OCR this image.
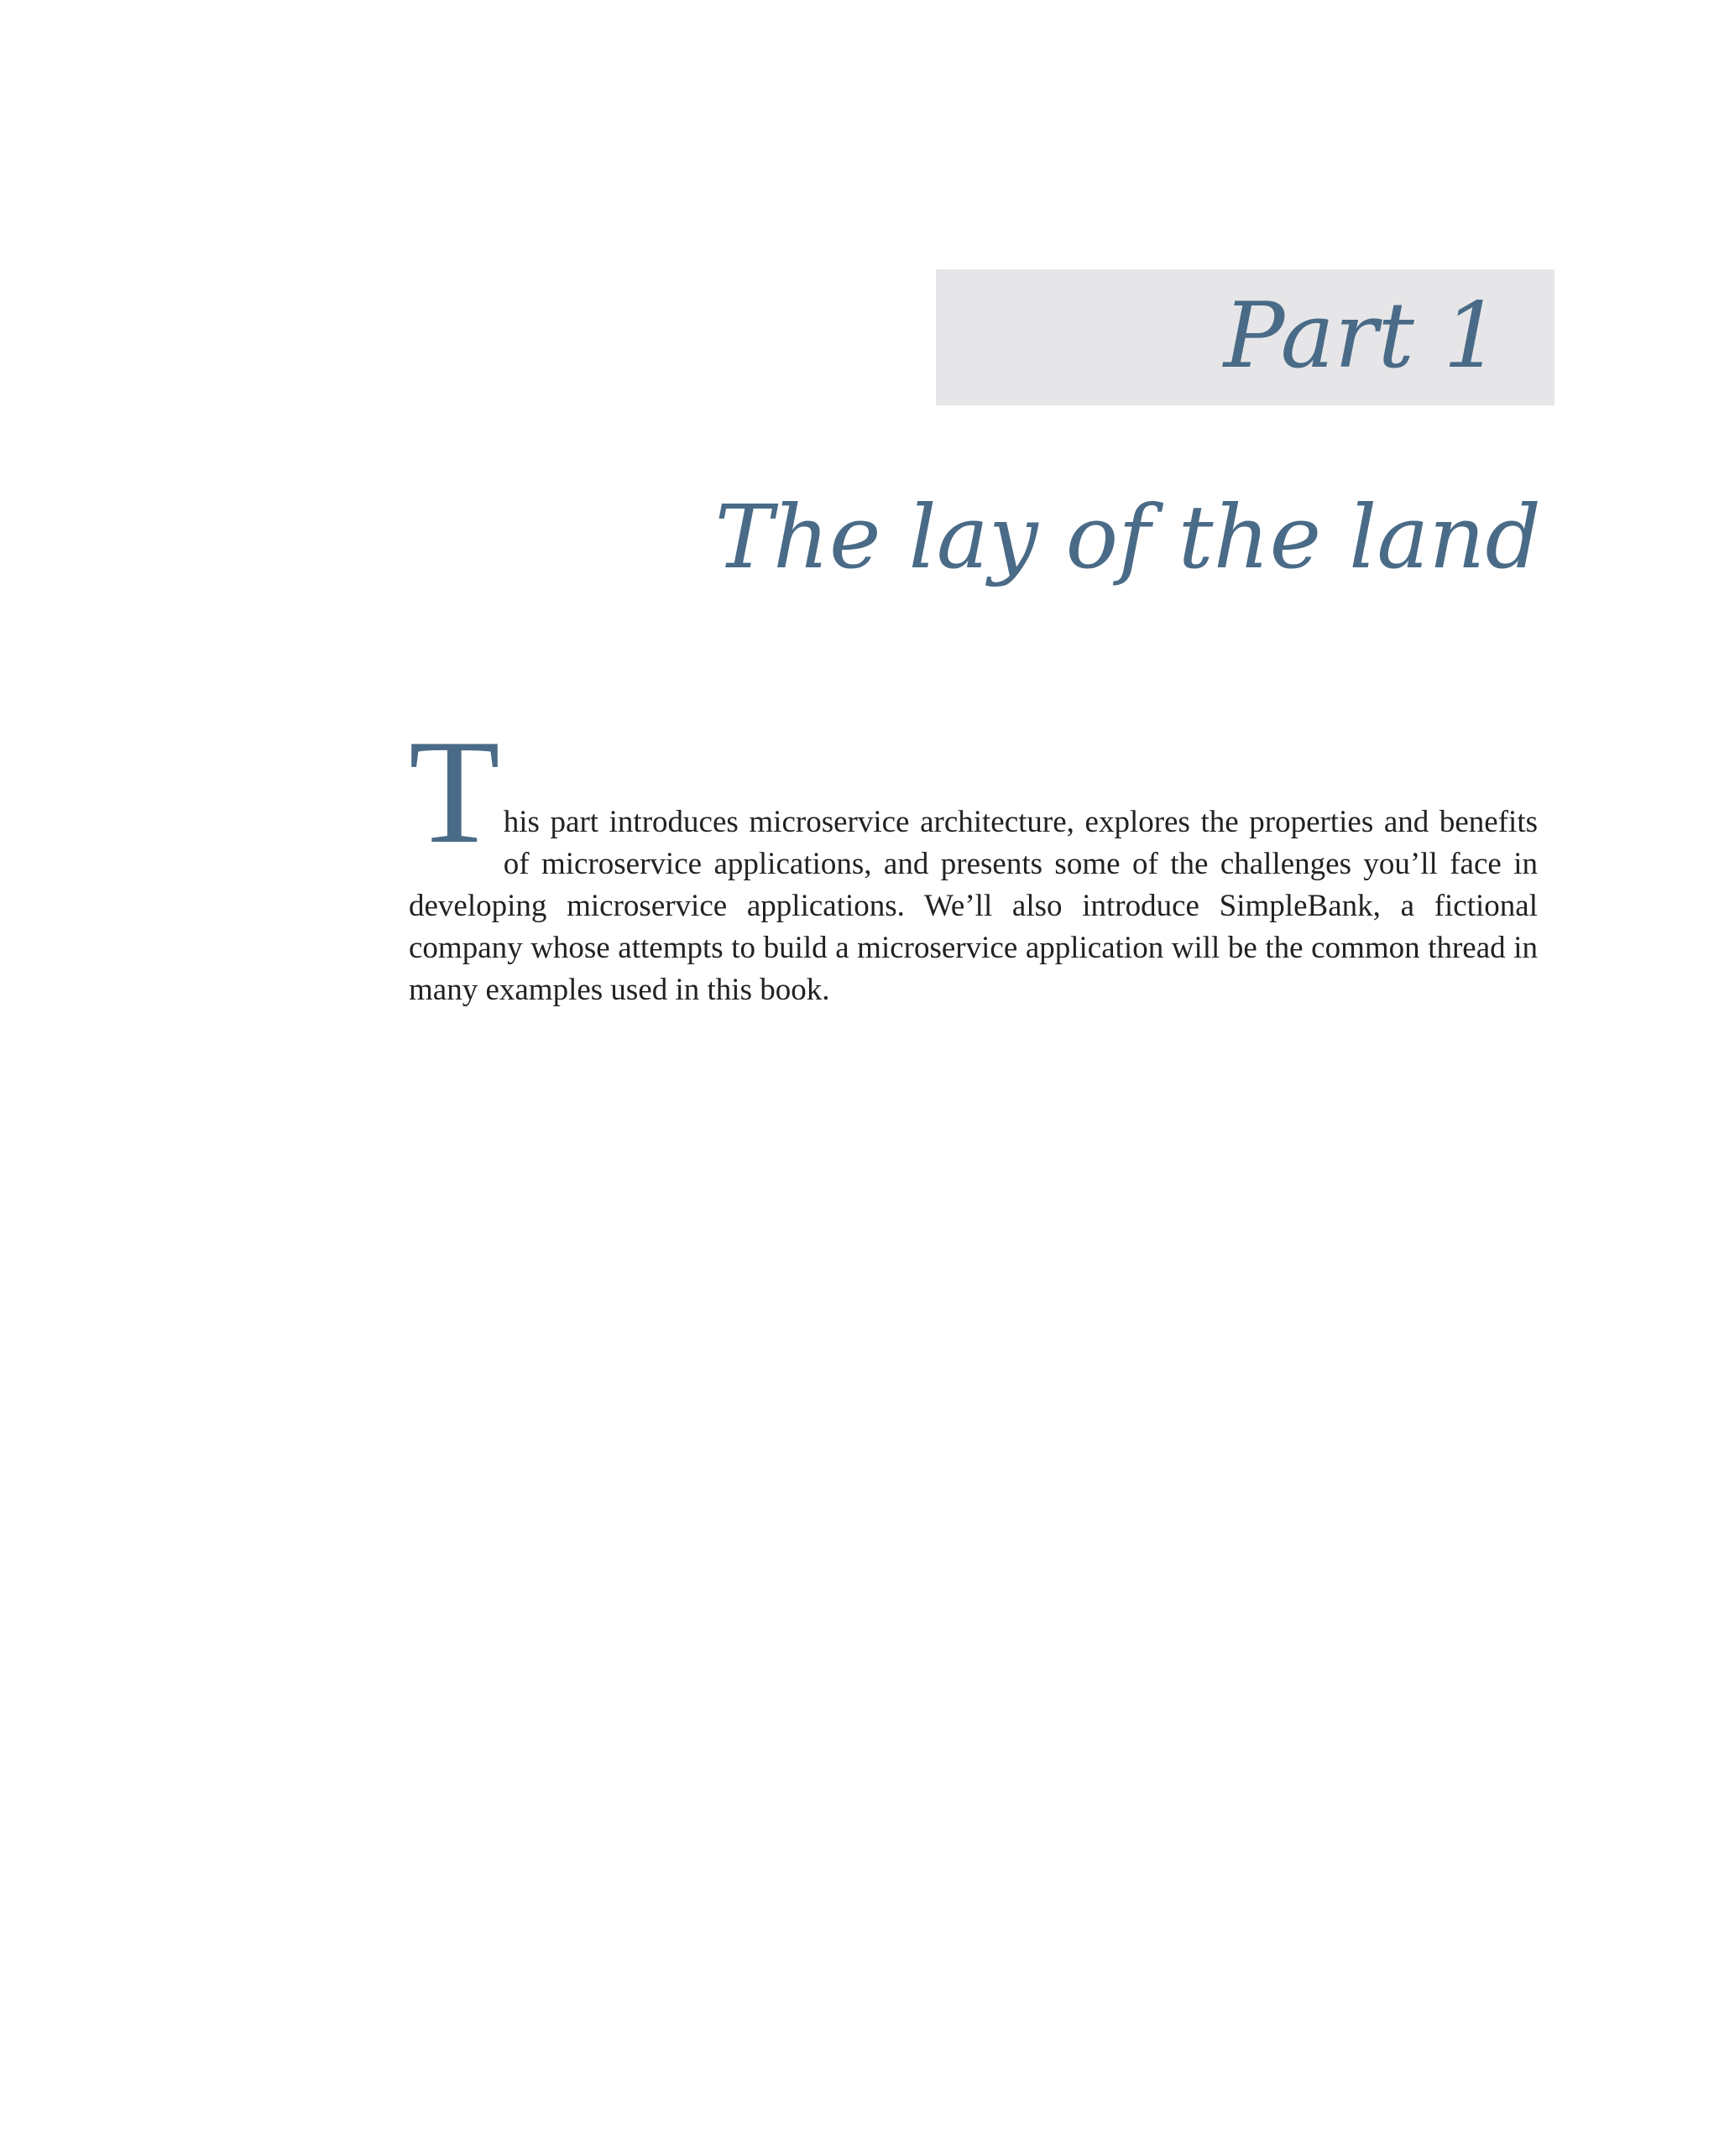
Part 1
The lay of the land

This part introduces microservice architecture, explores the properties and benefits of microservice applications, and presents some of the challenges you’ll face in developing microservice applications. We’ll also introduce SimpleBank, a fictional company whose attempts to build a microservice application will be the common thread in many examples used in this book.
